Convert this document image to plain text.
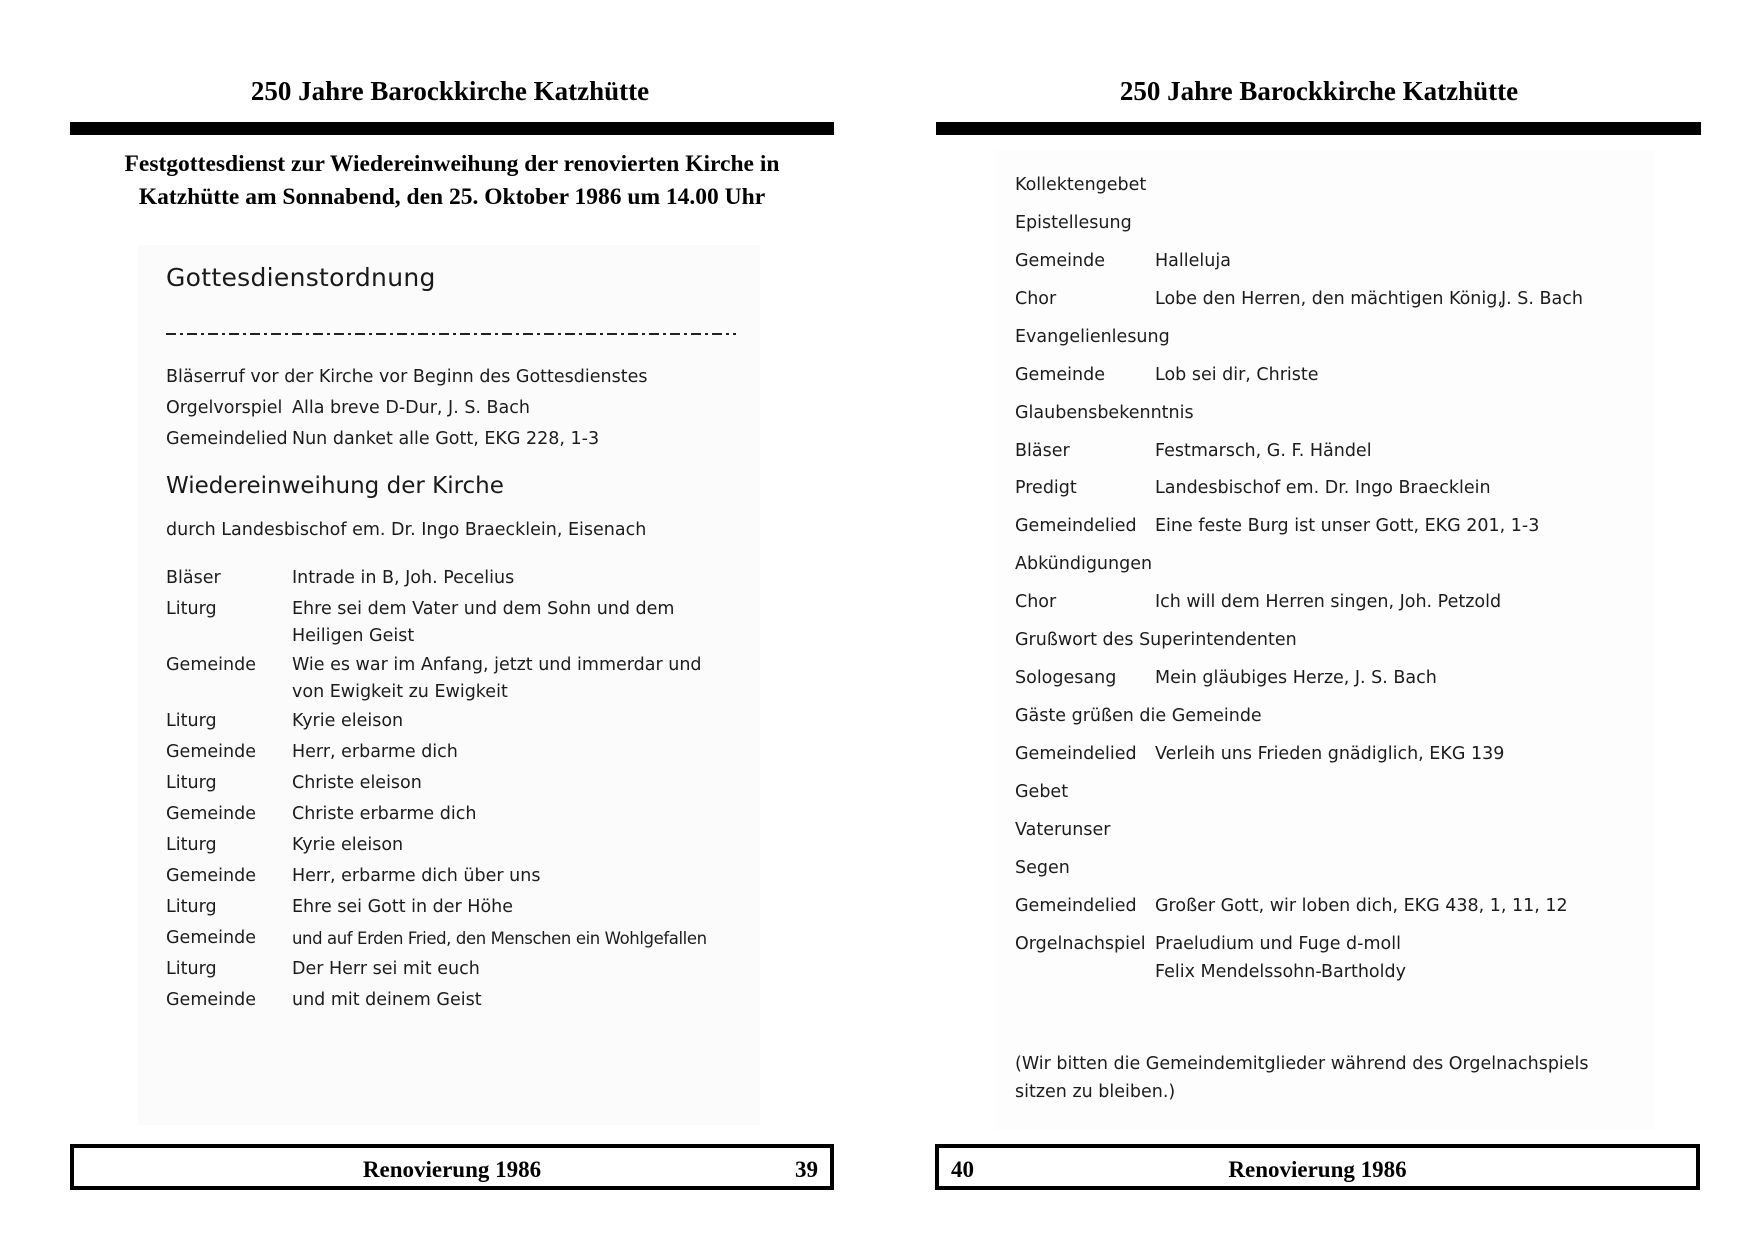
250 Jahre Barockkirche Katzhütte
Festgottesdienst zur Wiedereinweihung der renovierten Kirche in
Katzhütte am Sonnabend, den 25. Oktober 1986 um 14.00 Uhr
Gottesdienstordnung
Bläserruf vor der Kirche vor Beginn des Gottesdienstes
Orgelvorspiel Alla breve D-Dur, J. S. Bach
Gemeindelied Nun danket alle Gott, EKG 228, 1-3
Wiedereinweihung der Kirche
durch Landesbischof em. Dr. Ingo Braecklein, Eisenach
Bläser	Intrade in B, Joh. Pecelius
Liturg	Ehre sei dem Vater und dem Sohn und dem
Heiligen Geist
Gemeinde Wie es war im Anfang, jetzt und immerdar und
von Ewigkeit zu Ewigkeit
Liturg	Kyrie eleison
Gemeinde Herr, erbarme dich
Liturg	Christe eleison
Gemeinde Christe erbarme dich
Liturg	Kyrie eleison
Gemeinde Herr, erbarme dich über uns
Liturg	Ehre sei Gott in der Höhe
Gemeinde und auf Erden Fried, den Menschen ein Wohlgefallen
Liturg	Der Herr sei mit euch
Gemeinde und mit deinem Geist
Renovierung 1986	39
250 Jahre Barockkirche Katzhütte
Kollektengebet
Epistellesung
Gemeinde	Halleluja
Chor	Lobe den Herren, den mächtigen König,
J. S. Bach
Evangelienlesung
Gemeinde	Lob sei dir, Christe
Glaubensbekenntnis
Bläser	Festmarsch, G. F. Händel
Predigt	Landesbischof em. Dr. Ingo Braecklein
Gemeindelied Eine feste Burg ist unser Gott, EKG 201, 1-3
Abkündigungen
Chor	Ich will dem Herren singen, Joh. Petzold
Grußwort des Superintendenten
Sologesang Mein gläubiges Herze, J. S. Bach
Gäste grüßen die Gemeinde
Gemeindelied Verleih uns Frieden gnädiglich, EKG 139
Gebet
Vaterunser
Segen
Gemeindelied Großer Gott, wir loben dich, EKG 438, 1, 11, 12
Orgelnachspiel Praeludium und Fuge d-moll
Felix Mendelssohn-Bartholdy
(Wir bitten die Gemeindemitglieder während des Orgelnachspiels
sitzen zu bleiben.)
40	Renovierung 1986
